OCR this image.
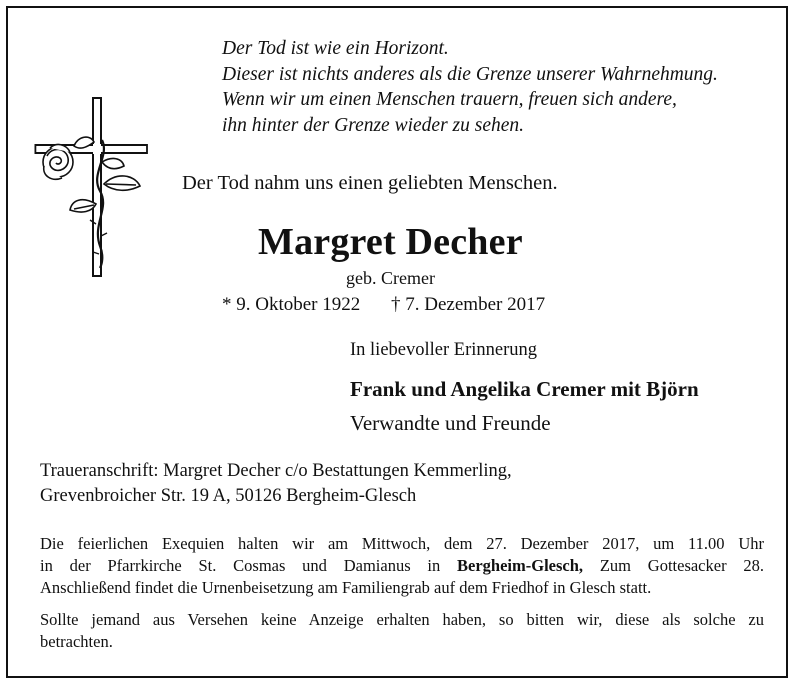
Der Tod ist wie ein Horizont.
Dieser ist nichts anderes als die Grenze unserer Wahrnehmung.
Wenn wir um einen Menschen trauern, freuen sich andere,
ihn hinter der Grenze wieder zu sehen.
Der Tod nahm uns einen geliebten Menschen.
Margret Decher
geb. Cremer
* 9. Oktober 1922 † 7. Dezember 2017
In liebevoller Erinnerung
Frank und Angelika Cremer mit Björn
Verwandte und Freunde
Traueranschrift: Margret Decher c/o Bestattungen Kemmerling,
Grevenbroicher Str. 19 A, 50126 Bergheim-Glesch
Die feierlichen Exequien halten wir am Mittwoch, dem 27. Dezember 2017, um 11.00 Uhr
in der Pfarrkirche St. Cosmas und Damianus in Bergheim-Glesch, Zum Gottesacker 28.
Anschließend findet die Urnenbeisetzung am Familiengrab auf dem Friedhof in Glesch statt.
Sollte jemand aus Versehen keine Anzeige erhalten haben, so bitten wir, diese als solche zu
betrachten.
